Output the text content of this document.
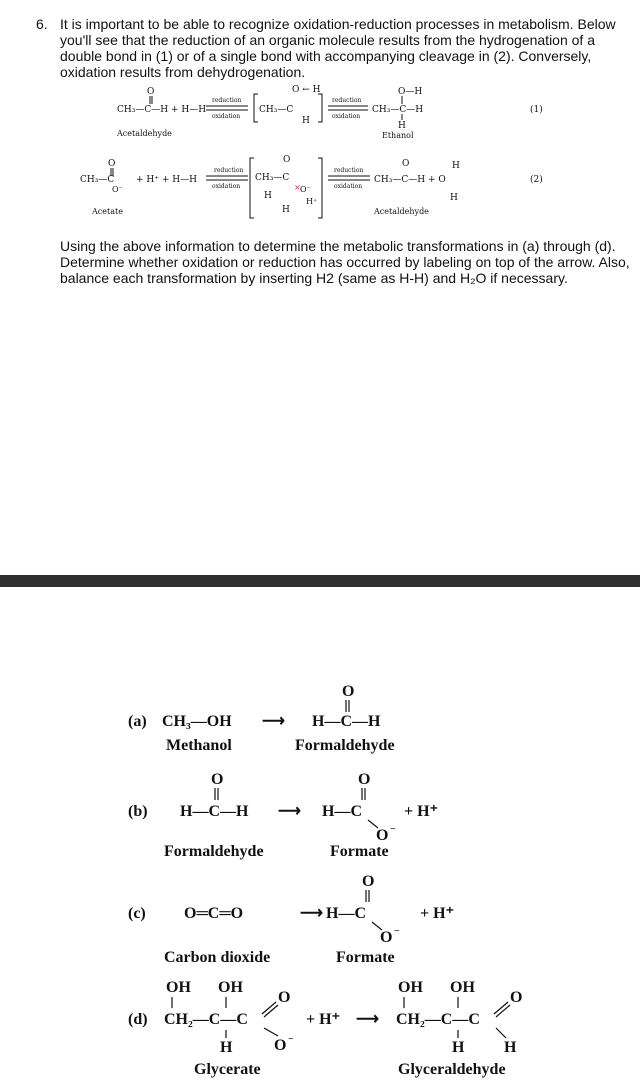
6. It is important to be able to recognize oxidation-reduction processes in metabolism. Below you'll see that the reduction of an organic molecule results from the hydrogenation of a double bond in (1) or of a single bond with accompanying cleavage in (2). Conversely, oxidation results from dehydrogenation.
O
CH₃—C—H + H—H
reduction
oxidation
CH₃—C
O ← H
H
reduction
oxidation
O—H
CH₃—C—H
H
(1)
Acetaldehyde	Ethanol
O
CH₃—C
O⁻
+ H⁺ + H—H
reduction
oxidation
O
CH₃—C
× O⁻
H
H
H⁺
reduction
oxidation
O
CH₃—C—H + O
H
H
(2)
Acetate	Acetaldehyde
Using the above information to determine the metabolic transformations in (a) through (d). Determine whether oxidation or reduction has occurred by labeling on top of the arrow. Also, balance each transformation by inserting H2 (same as H-H) and H₂O if necessary.
(a) CH₃—OH ⟶
O
H—C—H
Methanol	Formaldehyde
(b)
O
H—C—H ⟶
O
H—C
O −
+ H⁺
Formaldehyde	Formate
(c) O═C═O	⟶
O
H—C
O −
+ H⁺
Carbon dioxide	Formate
OH OH
(d) CH₂—C—C
O
O −
H
+ H⁺ ⟶
OH OH
CH₂—C—C
O
H
H
Glycerate	Glyceraldehyde
